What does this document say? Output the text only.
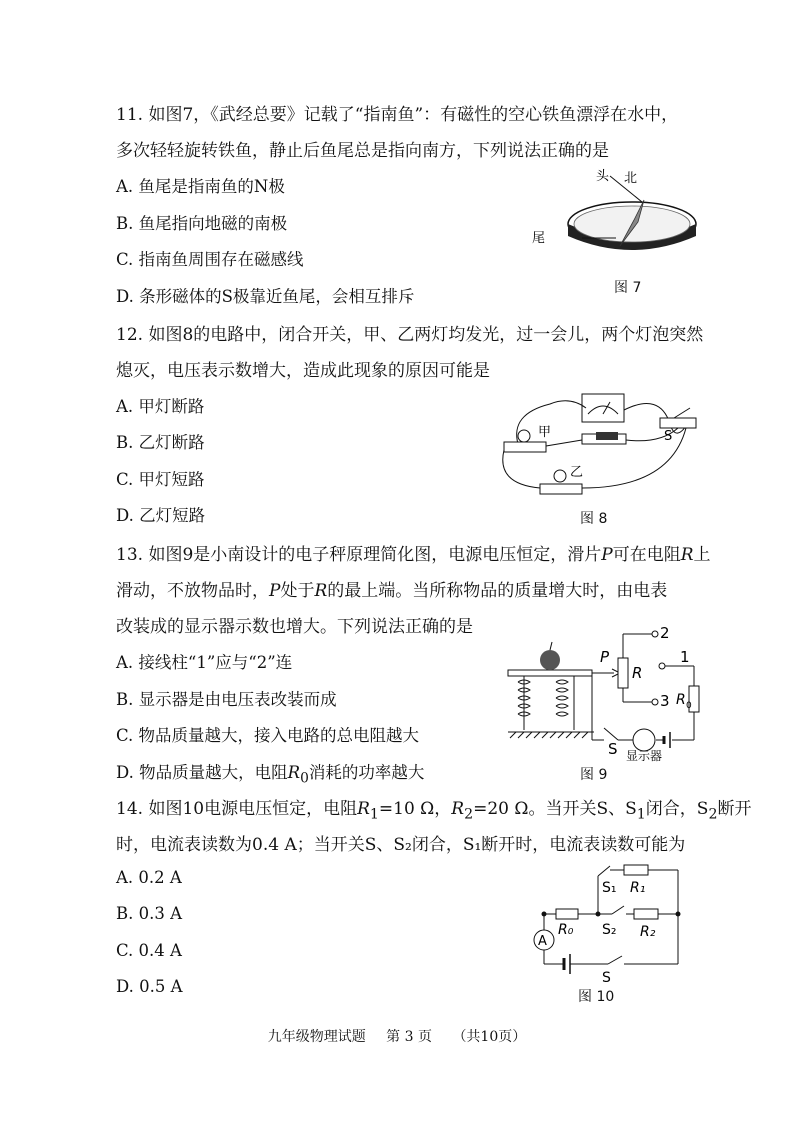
11. 如图7，《武经总要》记载了“指南鱼”：有磁性的空心铁鱼漂浮在水中，
多次轻轻旋转铁鱼，静止后鱼尾总是指向南方，下列说法正确的是
A. 鱼尾是指南鱼的N极
B. 鱼尾指向地磁的南极
C. 指南鱼周围存在磁感线
D. 条形磁体的S极靠近鱼尾，会相互排斥
头 北
尾
图 7
12. 如图8的电路中，闭合开关，甲、乙两灯均发光，过一会儿，两个灯泡突然
熄灭，电压表示数增大，造成此现象的原因可能是
A. 甲灯断路
B. 乙灯断路
C. 甲灯短路
D. 乙灯短路
甲
乙
S
图 8
13. 如图9是小南设计的电子秤原理简化图，电源电压恒定，滑片P可在电阻R上
滑动，不放物品时，P处于R的最上端。当所称物品的质量增大时，由电表
改装成的显示器示数也增大。下列说法正确的是
A. 接线柱“1”应与“2”连
B. 显示器是由电压表改装而成
C. 物品质量越大，接入电路的总电阻越大
D. 物品质量越大，电阻$R_0$消耗的功率越大
P
R
2
1
3 R 0
S 显示器
图 9
14. 如图10电源电压恒定，电阻$R_1=10$ Ω，$R_2=20$ Ω。当开关S、$S_1$闭合，$S_2$断开
时，电流表读数为0.4 A；当开关S、S₂闭合，S₁断开时，电流表读数可能为
A. 0.2 A
B. 0.3 A
C. 0.4 A
D. 0.5 A
S₁ R₁
R₀ S₂ R₂
A
S
图 10
九年级物理试题 第 3 页 （共10页）
